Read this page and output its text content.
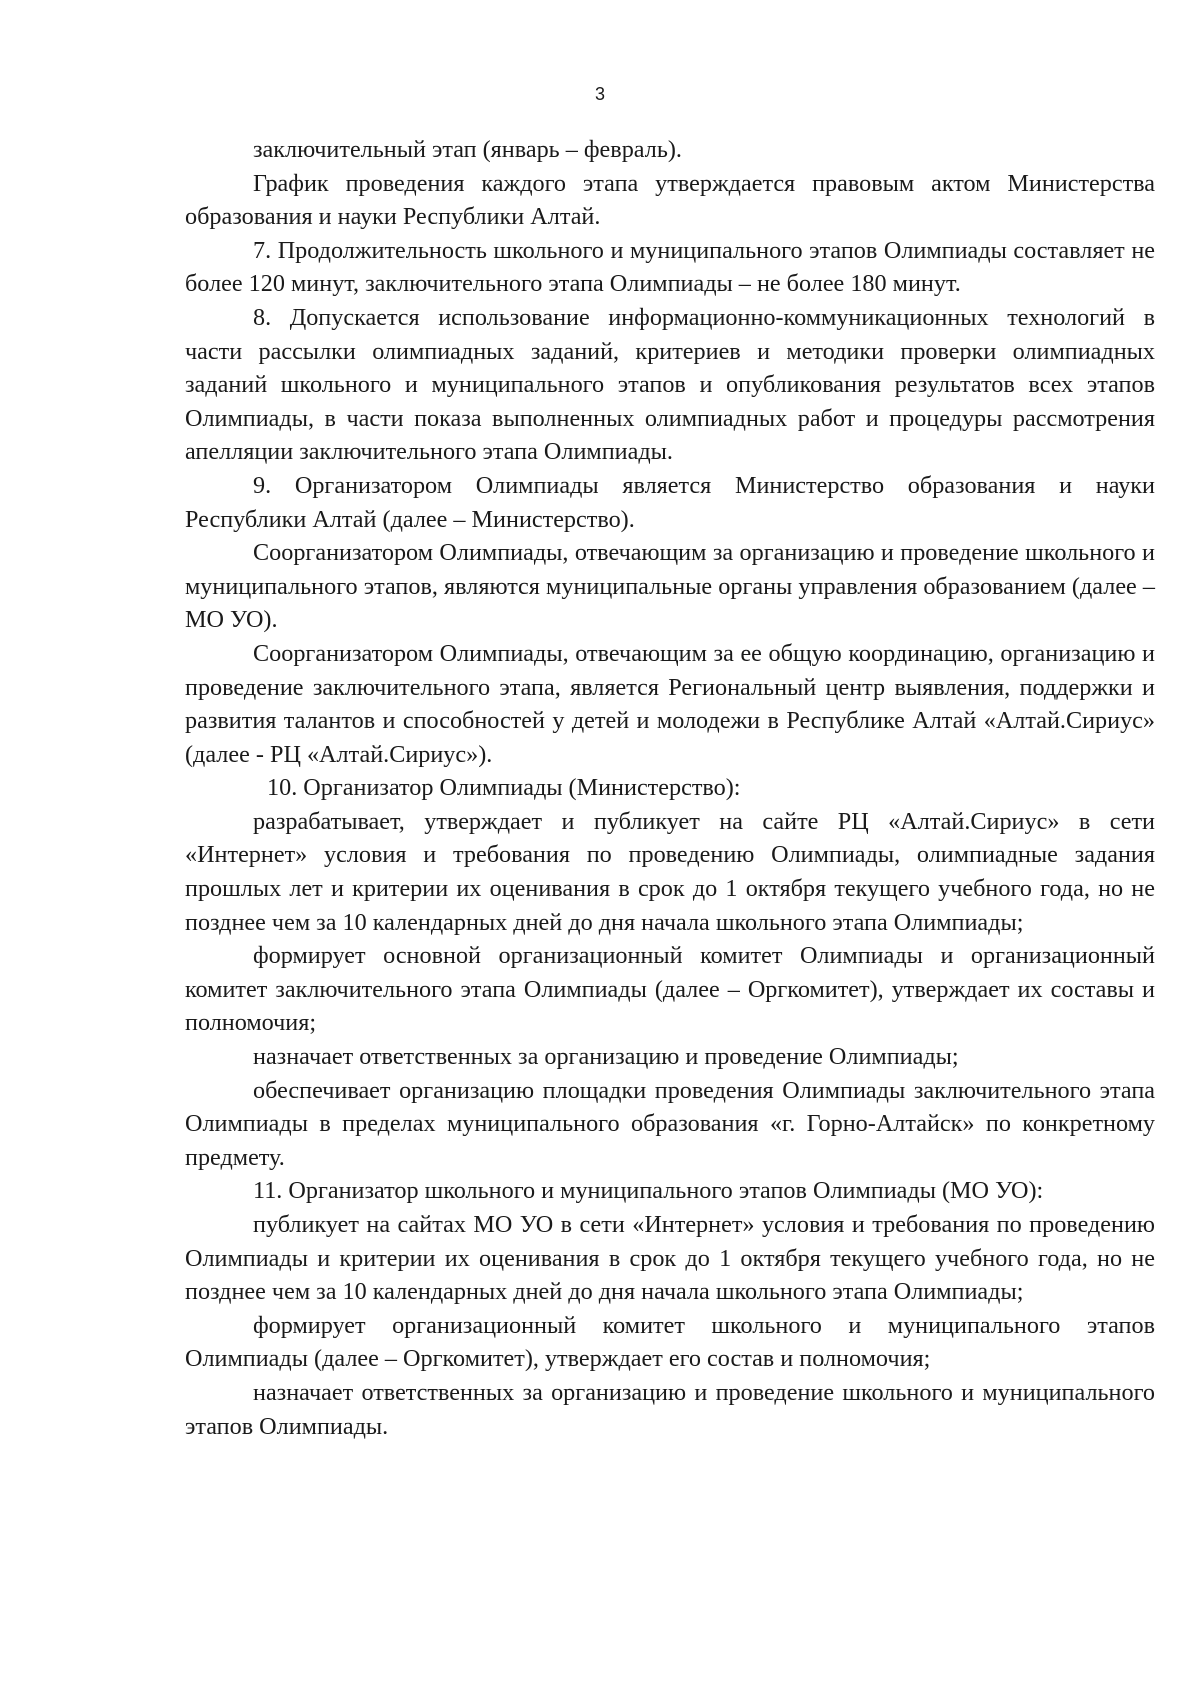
3

заключительный этап (январь – февраль).

График проведения каждого этапа утверждается правовым актом Министерства образования и науки Республики Алтай.

7. Продолжительность школьного и муниципального этапов Олимпиады составляет не более 120 минут, заключительного этапа Олимпиады – не более 180 минут.

8. Допускается использование информационно-коммуникационных технологий в части рассылки олимпиадных заданий, критериев и методики проверки олимпиадных заданий школьного и муниципального этапов и опубликования результатов всех этапов Олимпиады, в части показа выполненных олимпиадных работ и процедуры рассмотрения апелляции заключительного этапа Олимпиады.

9. Организатором Олимпиады является Министерство образования и науки Республики Алтай (далее – Министерство).

Соорганизатором Олимпиады, отвечающим за организацию и проведение школьного и муниципального этапов, являются муниципальные органы управления образованием (далее – МО УО).

Соорганизатором Олимпиады, отвечающим за ее общую координацию, организацию и проведение заключительного этапа, является Региональный центр выявления, поддержки и развития талантов и способностей у детей и молодежи в Республике Алтай «Алтай.Сириус» (далее - РЦ «Алтай.Сириус»).

10. Организатор Олимпиады (Министерство):

разрабатывает, утверждает и публикует на сайте РЦ «Алтай.Сириус» в сети «Интернет» условия и требования по проведению Олимпиады, олимпиадные задания прошлых лет и критерии их оценивания в срок до 1 октября текущего учебного года, но не позднее чем за 10 календарных дней до дня начала школьного этапа Олимпиады;

формирует основной организационный комитет Олимпиады и организационный комитет заключительного этапа Олимпиады (далее – Оргкомитет), утверждает их составы и полномочия;

назначает ответственных за организацию и проведение Олимпиады;

обеспечивает организацию площадки проведения Олимпиады заключительного этапа Олимпиады в пределах муниципального образования «г. Горно-Алтайск» по конкретному предмету.

11. Организатор школьного и муниципального этапов Олимпиады (МО УО):

публикует на сайтах МО УО в сети «Интернет» условия и требования по проведению Олимпиады и критерии их оценивания в срок до 1 октября текущего учебного года, но не позднее чем за 10 календарных дней до дня начала школьного этапа Олимпиады;

формирует организационный комитет школьного и муниципального этапов Олимпиады (далее – Оргкомитет), утверждает его состав и полномочия;

назначает ответственных за организацию и проведение школьного и муниципального этапов Олимпиады.
